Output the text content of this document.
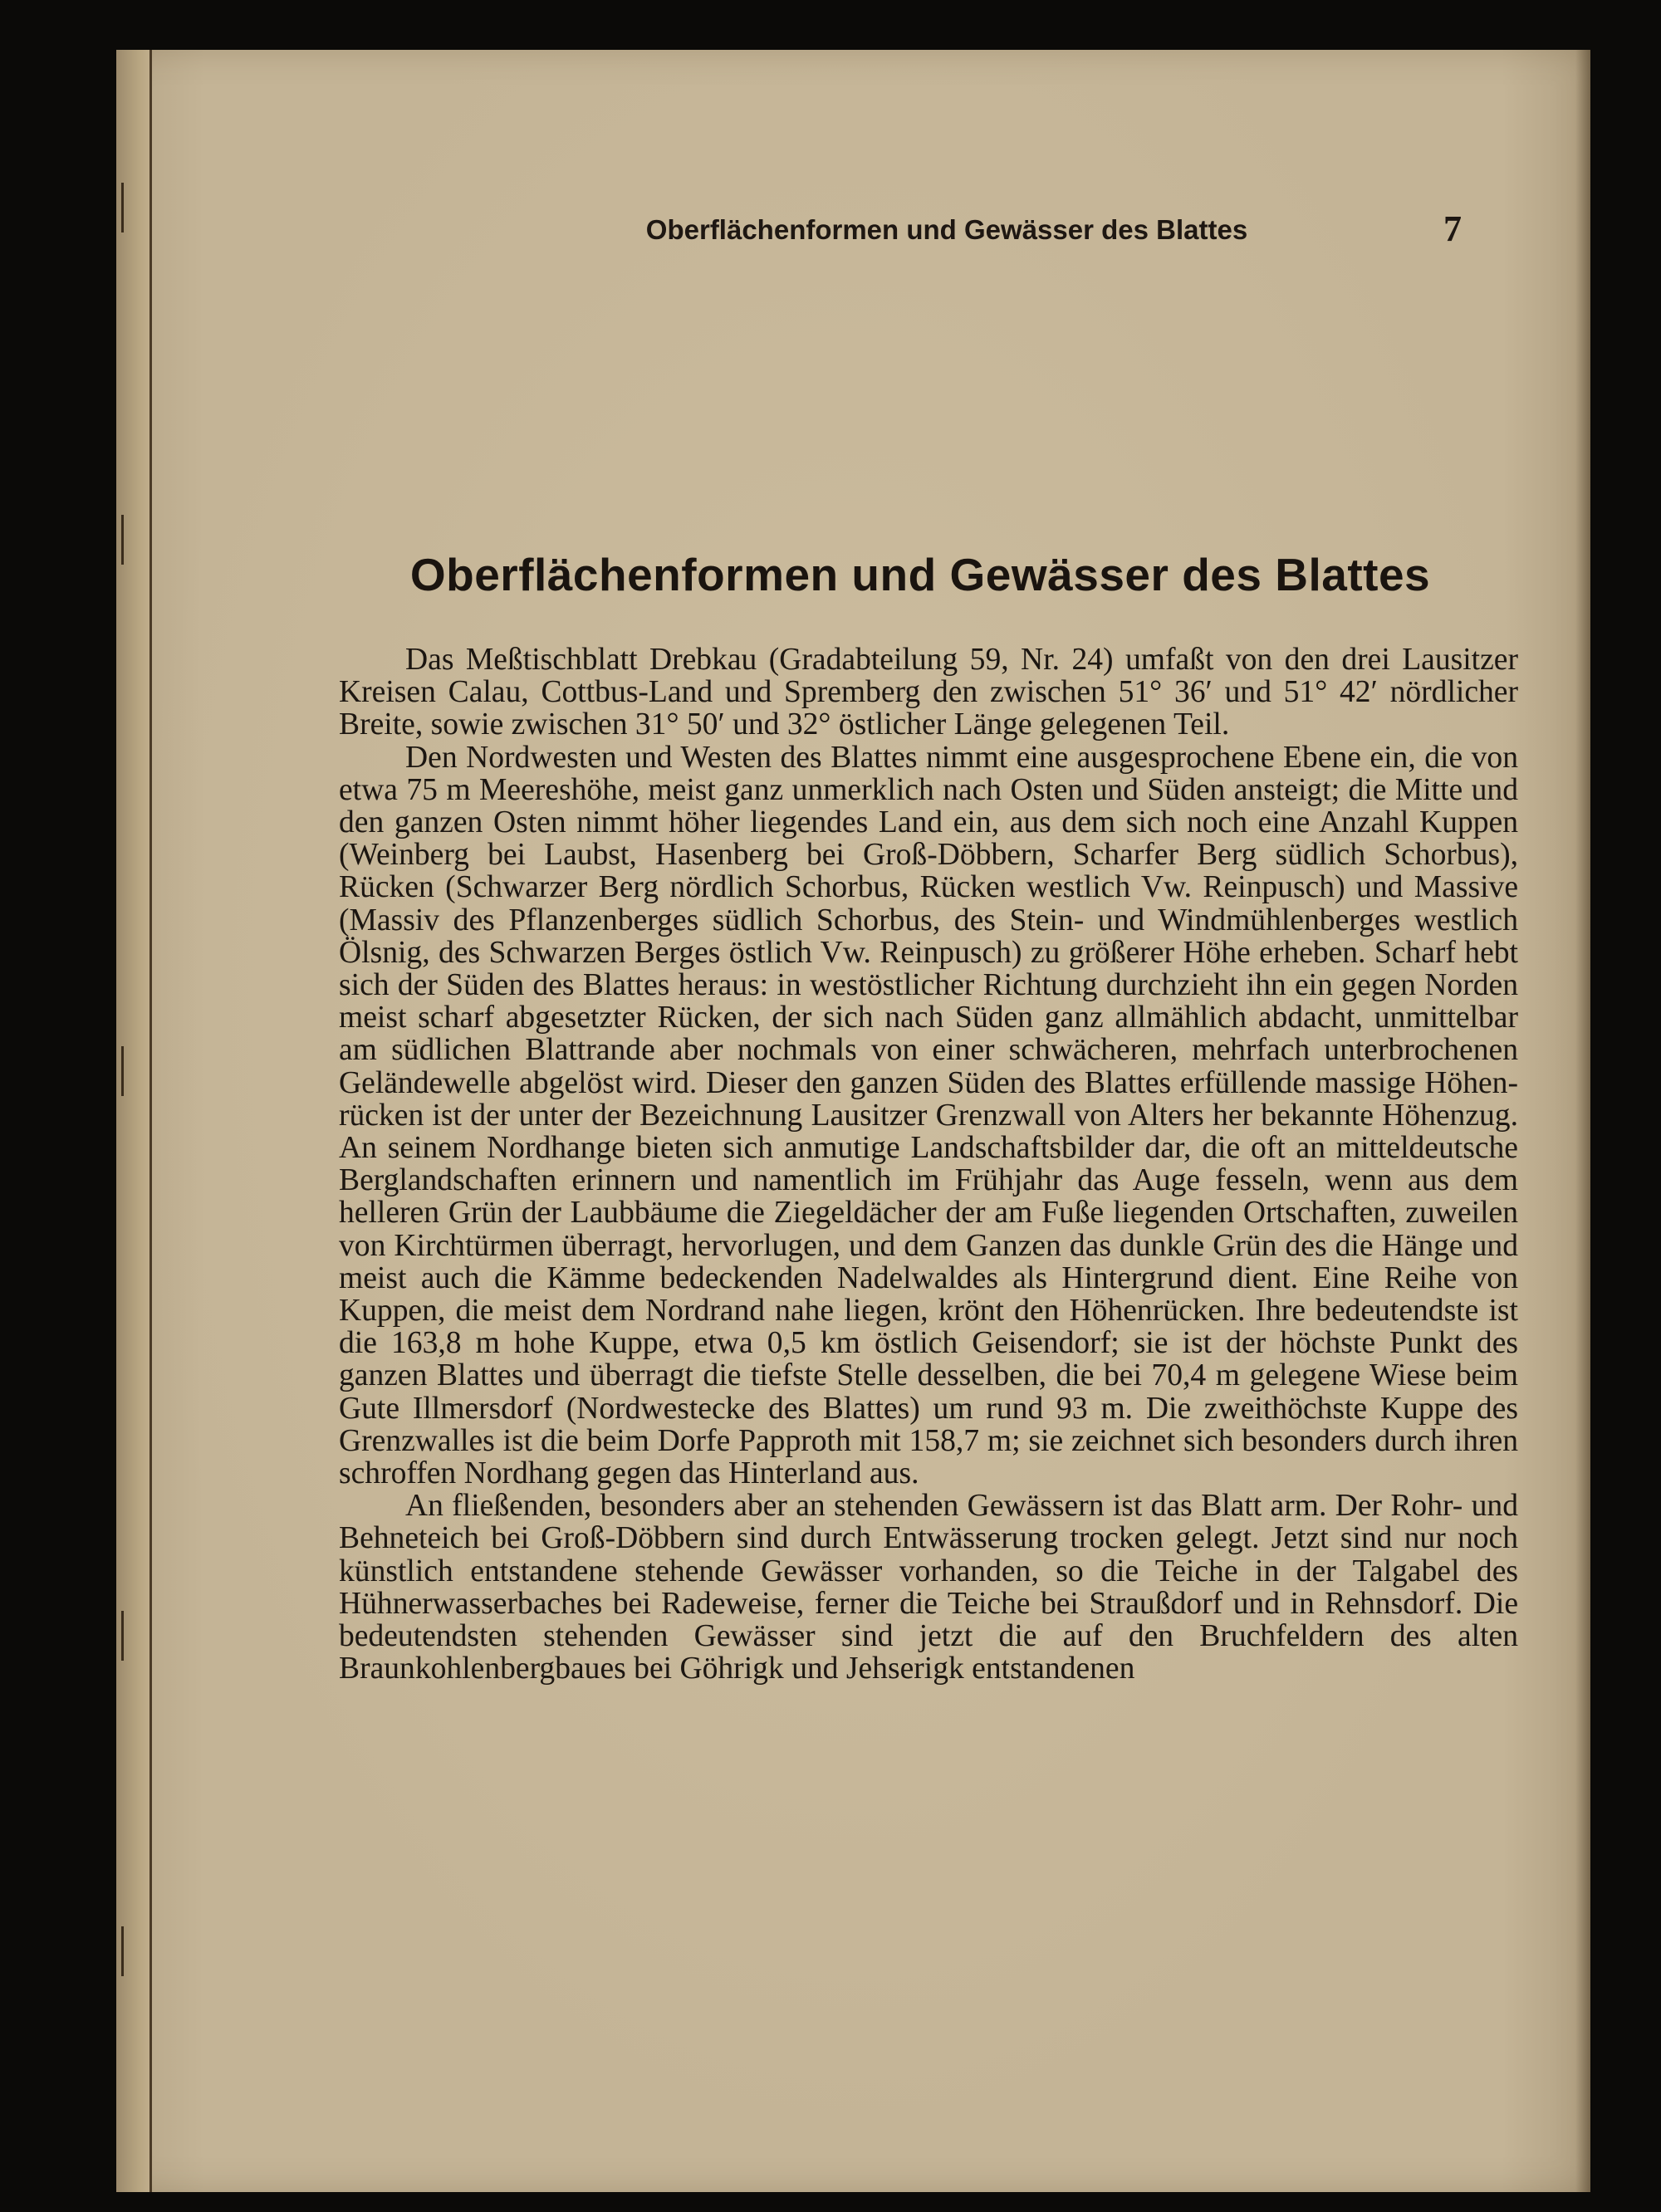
Oberflächenformen und Gewässer des Blattes	7
Oberflächenformen und Gewässer des Blattes

Das Meßtischblatt Drebkau (Gradabteilung 59, Nr. 24) umfaßt von den drei Lausitzer Kreisen Calau, Cottbus-Land und Spremberg den zwischen 51° 36′ und 51° 42′ nördlicher Breite, sowie zwischen 31° 50′ und 32° östlicher Länge gelegenen Teil.

Den Nordwesten und Westen des Blattes nimmt eine ausgesprochene Ebene ein, die von etwa 75 m Meereshöhe, meist ganz unmerklich nach Osten und Süden ansteigt; die Mitte und den ganzen Osten nimmt höher liegendes Land ein, aus dem sich noch eine Anzahl Kuppen (Weinberg bei Laubst, Hasenberg bei Groß-Döbbern, Scharfer Berg südlich Schorbus), Rücken (Schwarzer Berg nördlich Schorbus, Rücken westlich Vw. Reinpusch) und Massive (Massiv des Pflanzenberges südlich Schorbus, des Stein- und Windmühlenberges westlich Ölsnig, des Schwarzen Berges östlich Vw. Reinpusch) zu größerer Höhe erheben. Scharf hebt sich der Süden des Blattes heraus: in westöstlicher Richtung durchzieht ihn ein gegen Norden meist scharf abgesetzter Rücken, der sich nach Süden ganz allmählich abdacht, unmittelbar am südlichen Blattrande aber nochmals von einer schwächeren, mehrfach unterbrochenen Geländewelle abgelöst wird. Dieser den ganzen Süden des Blattes erfüllende massige Höhenrücken ist der unter der Bezeichnung Lausitzer Grenzwall von Alters her bekannte Höhenzug. An seinem Nordhange bieten sich anmutige Landschaftsbilder dar, die oft an mitteldeutsche Berglandschaften erinnern und namentlich im Frühjahr das Auge fesseln, wenn aus dem helleren Grün der Laubbäume die Ziegeldächer der am Fuße liegenden Ortschaften, zuweilen von Kirchtürmen überragt, hervorlugen, und dem Ganzen das dunkle Grün des die Hänge und meist auch die Kämme bedeckenden Nadelwaldes als Hintergrund dient. Eine Reihe von Kuppen, die meist dem Nordrand nahe liegen, krönt den Höhenrücken. Ihre bedeutendste ist die 163,8 m hohe Kuppe, etwa 0,5 km östlich Geisendorf; sie ist der höchste Punkt des ganzen Blattes und überragt die tiefste Stelle desselben, die bei 70,4 m gelegene Wiese beim Gute Illmersdorf (Nordwestecke des Blattes) um rund 93 m. Die zweithöchste Kuppe des Grenzwalles ist die beim Dorfe Papproth mit 158,7 m; sie zeichnet sich besonders durch ihren schroffen Nordhang gegen das Hinterland aus.

An fließenden, besonders aber an stehenden Gewässern ist das Blatt arm. Der Rohr- und Behneteich bei Groß-Döbbern sind durch Entwässerung trocken gelegt. Jetzt sind nur noch künstlich entstandene stehende Gewässer vorhanden, so die Teiche in der Talgabel des Hühnerwasserbaches bei Radeweise, ferner die Teiche bei Straußdorf und in Rehnsdorf. Die bedeutendsten stehenden Gewässer sind jetzt die auf den Bruchfeldern des alten Braunkohlenbergbaues bei Göhrigk und Jehserigk entstandenen
